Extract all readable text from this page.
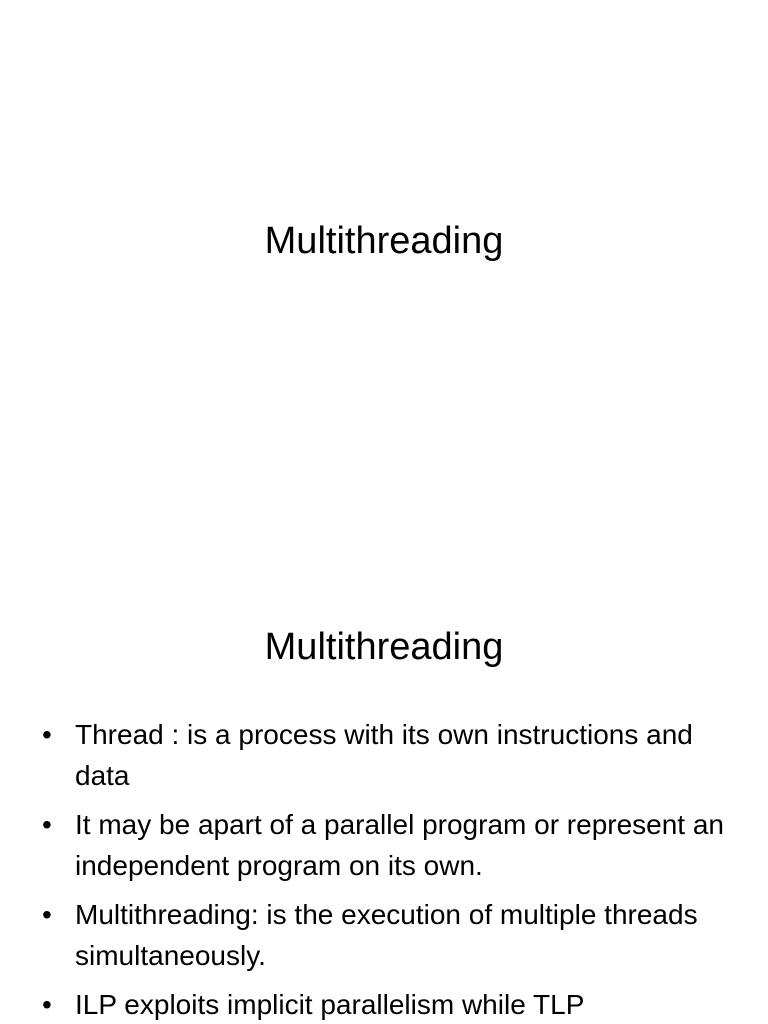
Multithreading
Multithreading
• Thread : is a process with its own instructions and data
• It may be apart of a parallel program or represent an independent program on its own.
• Multithreading: is the execution of multiple threads simultaneously.
• ILP exploits implicit parallelism while TLP
